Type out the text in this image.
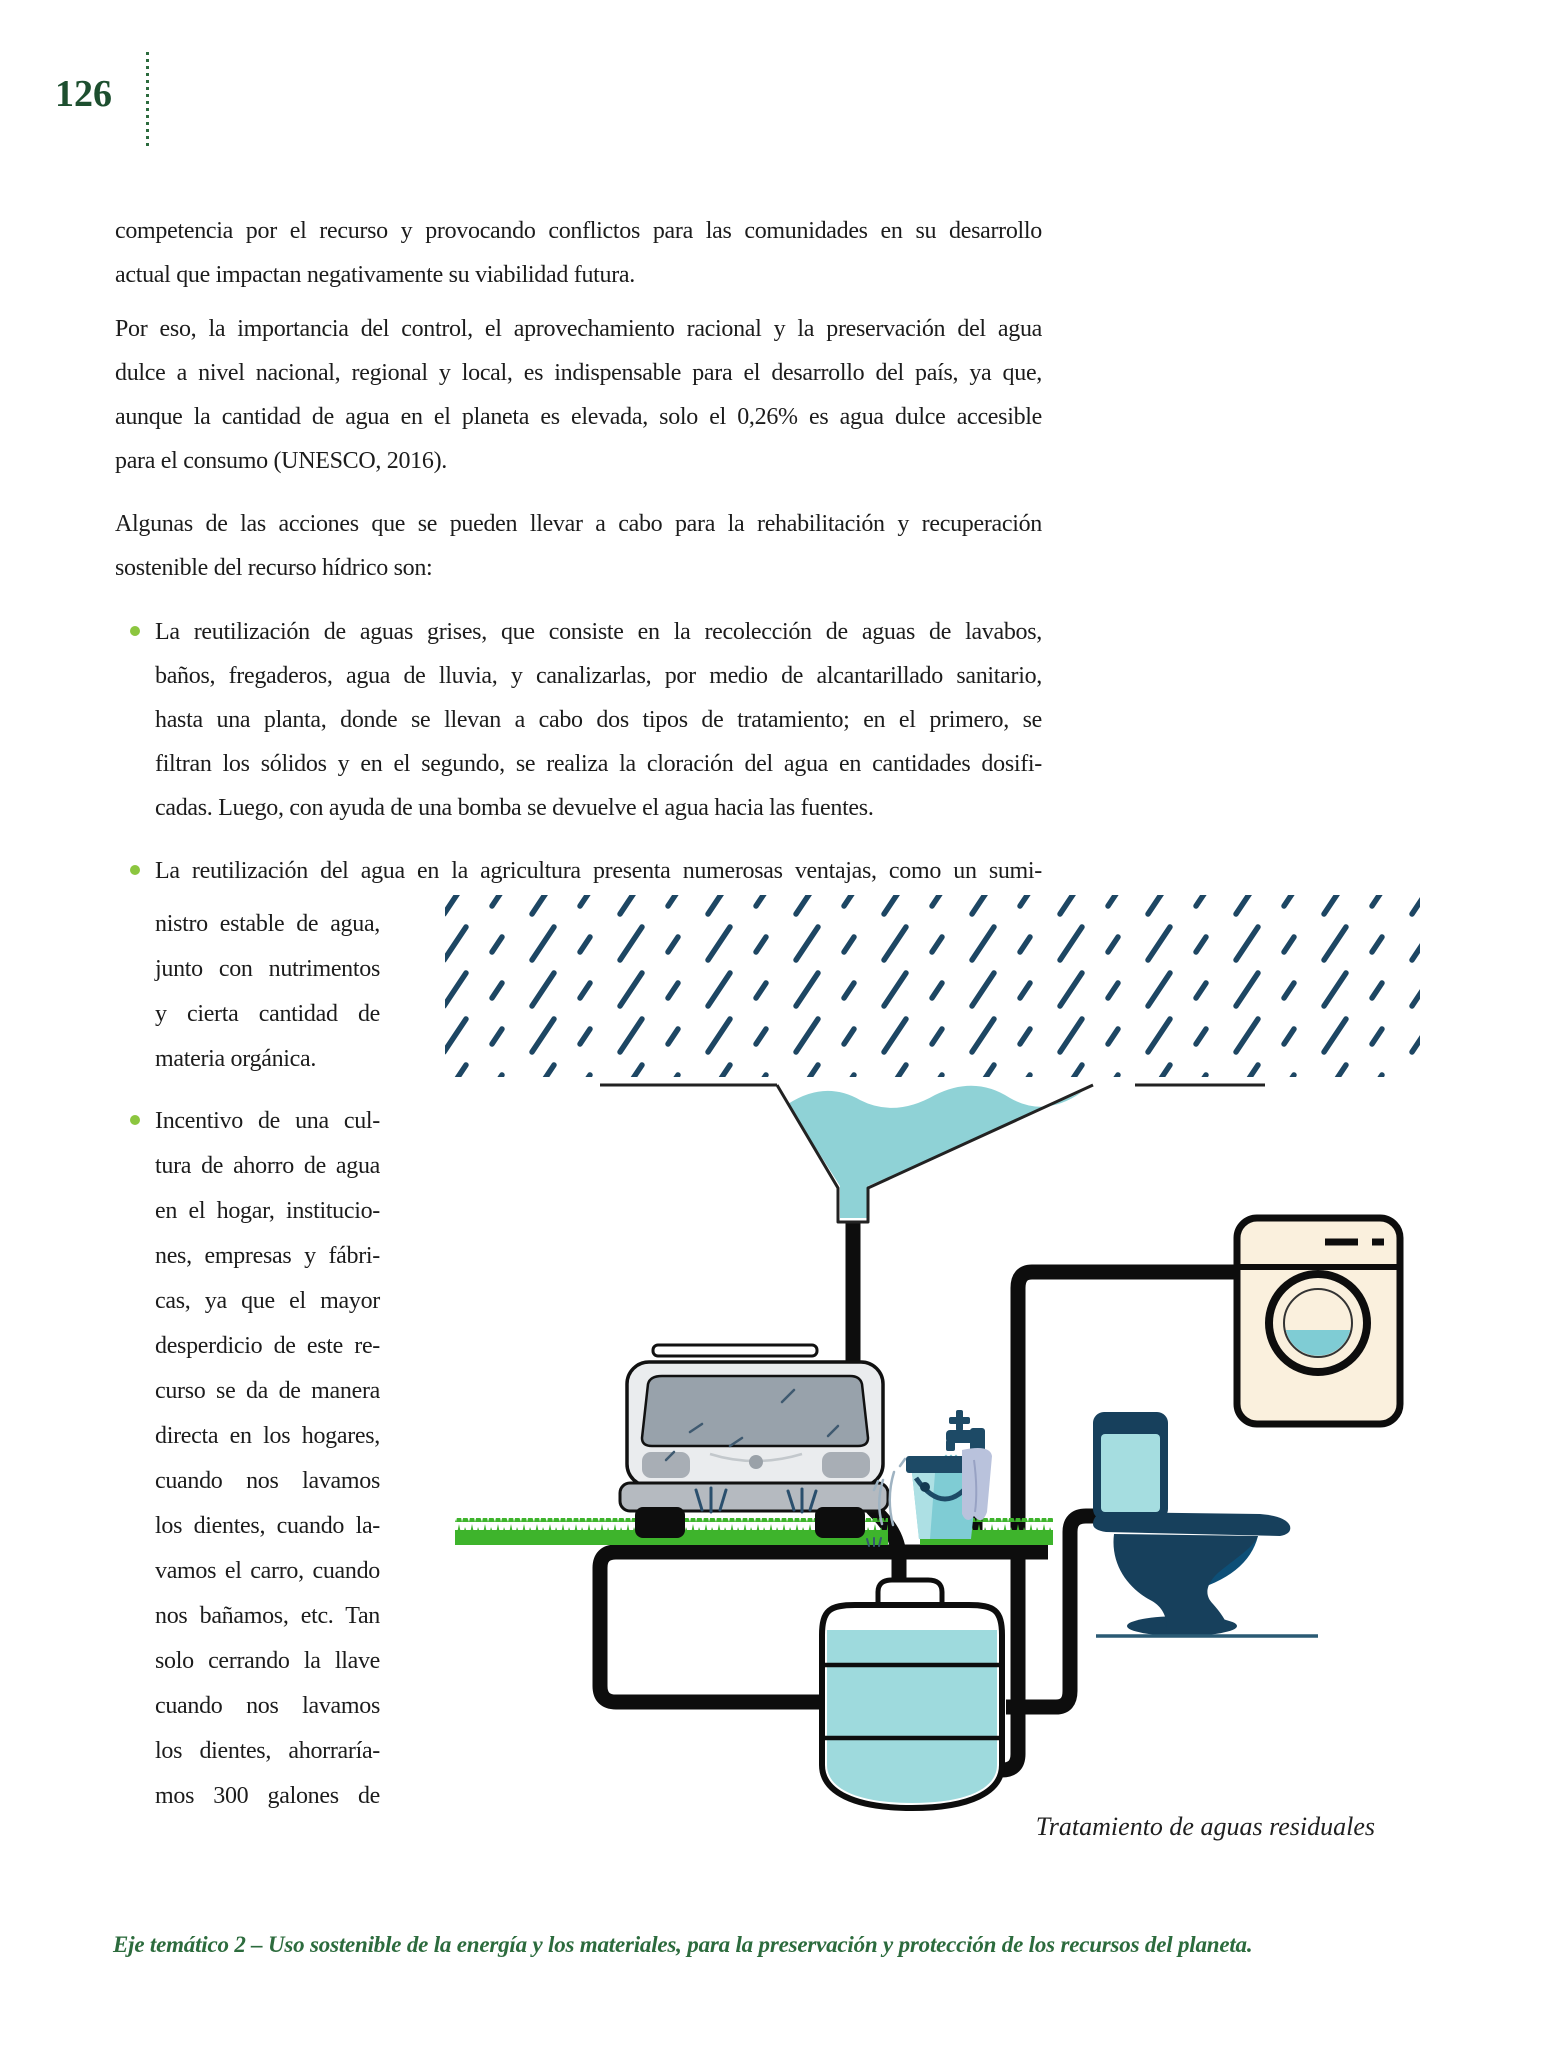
126
competencia por el recurso y provocando conflictos para las comunidades en su desarrollo
actual que impactan negativamente su viabilidad futura.
Por eso, la importancia del control, el aprovechamiento racional y la preservación del agua
dulce a nivel nacional, regional y local, es indispensable para el desarrollo del país, ya que,
aunque la cantidad de agua en el planeta es elevada, solo el 0,26% es agua dulce accesible
para el consumo (UNESCO, 2016).
Algunas de las acciones que se pueden llevar a cabo para la rehabilitación y recuperación
sostenible del recurso hídrico son:
La reutilización de aguas grises, que consiste en la recolección de aguas de lavabos,
baños, fregaderos, agua de lluvia, y canalizarlas, por medio de alcantarillado sanitario,
hasta una planta, donde se llevan a cabo dos tipos de tratamiento; en el primero, se
filtran los sólidos y en el segundo, se realiza la cloración del agua en cantidades dosifi-
cadas. Luego, con ayuda de una bomba se devuelve el agua hacia las fuentes.
La reutilización del agua en la agricultura presenta numerosas ventajas, como un sumi-
nistro estable de agua,
junto con nutrimentos
y cierta cantidad de
materia orgánica.
Incentivo de una cul-
tura de ahorro de agua
en el hogar, institucio-
nes, empresas y fábri-
cas, ya que el mayor
desperdicio de este re-
curso se da de manera
directa en los hogares,
cuando nos lavamos
los dientes, cuando la-
vamos el carro, cuando
nos bañamos, etc. Tan
solo cerrando la llave
cuando nos lavamos
los dientes, ahorraría-
mos 300 galones de
Tratamiento de aguas residuales
Eje temático 2 – Uso sostenible de la energía y los materiales, para la preservación y protección de los recursos del planeta.
